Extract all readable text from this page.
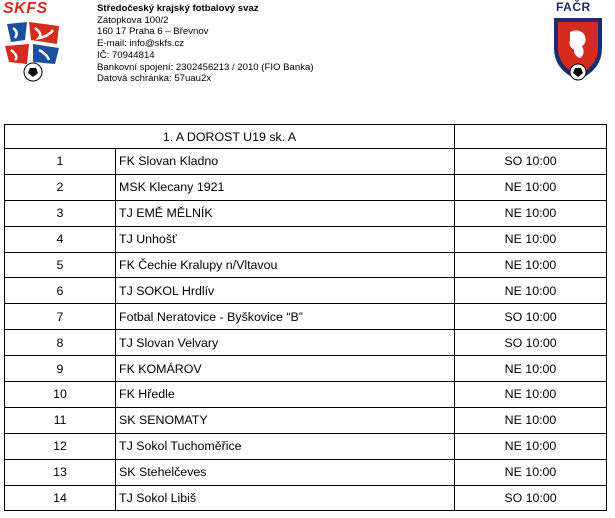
SKFS	Středočeský krajský fotbalový svaz
Zátopkova 100/2
160 17 Praha 6 – Břevnov
E-mail: info@skfs.cz
IČ: 70944814
Bankovní spojení: 2302456213 / 2010 (FIO Banka)
Datová schránka: 57uau2x
FAČR
1. A DOROST U19 sk. A		
1	FK Slovan Kladno	SO 10:00
2	MSK Klecany 1921	NE 10:00
3	TJ EMĚ MĚLNÍK	NE 10:00
4	TJ Unhošť	NE 10:00
5	FK Čechie Kralupy n/Vltavou	NE 10:00
6	TJ SOKOL Hrdlív	NE 10:00
7	Fotbal Neratovice - Byškovice “B”	SO 10:00
8	TJ Slovan Velvary	SO 10:00
9	FK KOMÁROV	NE 10:00
10	FK Hředle	NE 10:00
11	SK SENOMATY	NE 10:00
12	TJ Sokol Tuchoměřice	NE 10:00
13	SK Stehelčeves	NE 10:00
14	TJ Sokol Libiš	SO 10:00
